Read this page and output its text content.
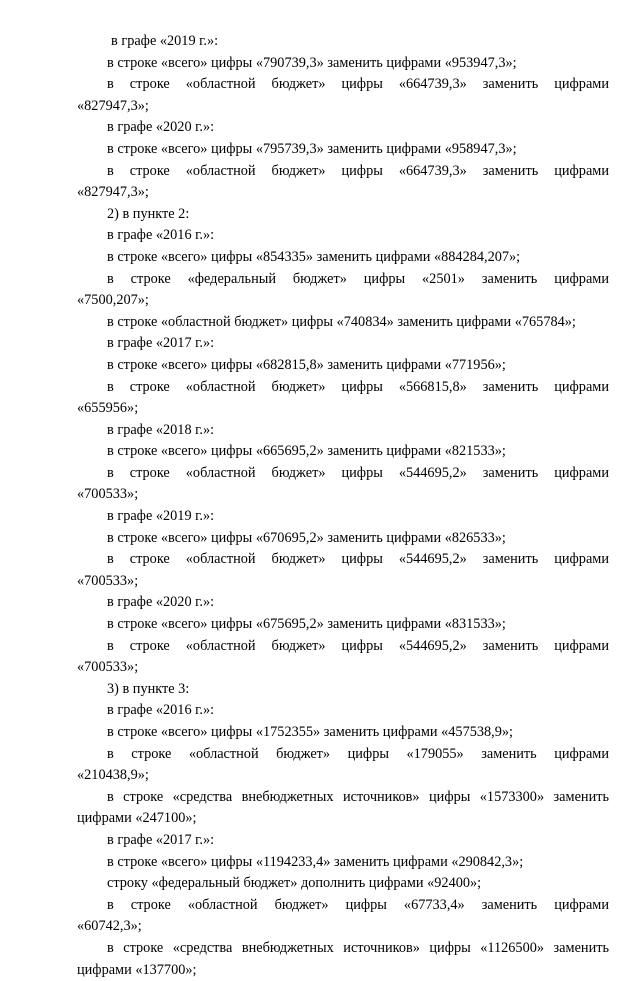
в графе «2019 г.»:

в строке «всего» цифры «790739,3» заменить цифрами «953947,3»;

в строке «областной бюджет» цифры «664739,3» заменить цифрами

«827947,3»;

в графе «2020 г.»:

в строке «всего» цифры «795739,3» заменить цифрами «958947,3»;

в строке «областной бюджет» цифры «664739,3» заменить цифрами

«827947,3»;

2) в пункте 2:

в графе «2016 г.»:

в строке «всего» цифры «854335» заменить цифрами «884284,207»;

в строке «федеральный бюджет» цифры «2501» заменить цифрами

«7500,207»;

в строке «областной бюджет» цифры «740834» заменить цифрами «765784»;

в графе «2017 г.»:

в строке «всего» цифры «682815,8» заменить цифрами «771956»;

в строке «областной бюджет» цифры «566815,8» заменить цифрами

«655956»;

в графе «2018 г.»:

в строке «всего» цифры «665695,2» заменить цифрами «821533»;

в строке «областной бюджет» цифры «544695,2» заменить цифрами

«700533»;

в графе «2019 г.»:

в строке «всего» цифры «670695,2» заменить цифрами «826533»;

в строке «областной бюджет» цифры «544695,2» заменить цифрами

«700533»;

в графе «2020 г.»:

в строке «всего» цифры «675695,2» заменить цифрами «831533»;

в строке «областной бюджет» цифры «544695,2» заменить цифрами

«700533»;

3) в пункте 3:

в графе «2016 г.»:

в строке «всего» цифры «1752355» заменить цифрами «457538,9»;

в строке «областной бюджет» цифры «179055» заменить цифрами

«210438,9»;

в строке «средства внебюджетных источников» цифры «1573300» заменить

цифрами «247100»;

в графе «2017 г.»:

в строке «всего» цифры «1194233,4» заменить цифрами «290842,3»;

строку «федеральный бюджет» дополнить цифрами «92400»;

в строке «областной бюджет» цифры «67733,4» заменить цифрами

«60742,3»;

в строке «средства внебюджетных источников» цифры «1126500» заменить

цифрами «137700»;
